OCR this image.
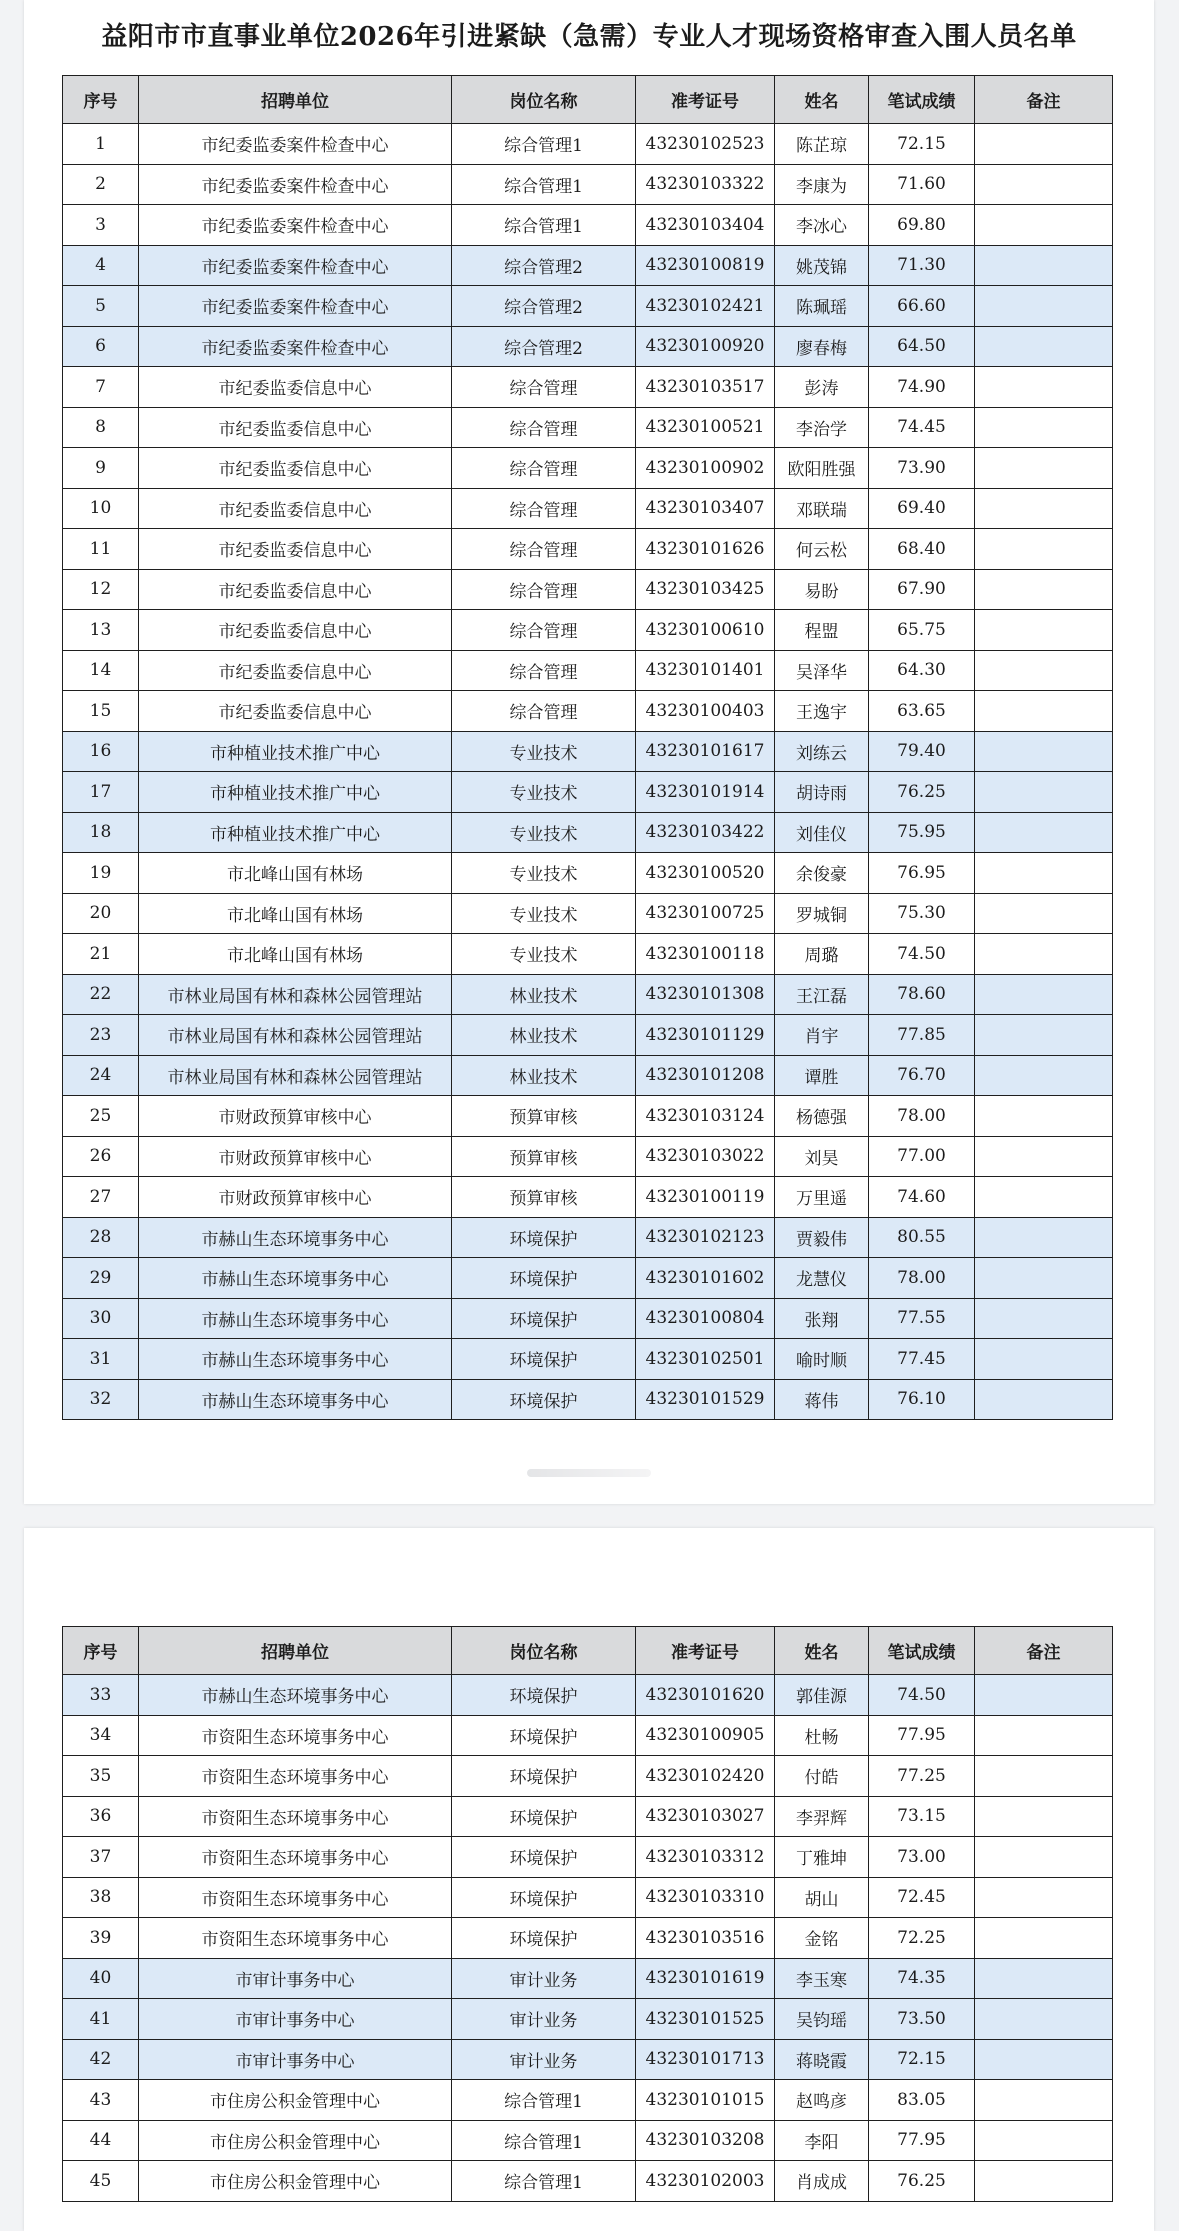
益阳市市直事业单位2026年引进紧缺（急需）专业人才现场资格审查入围人员名单
序号	招聘单位	岗位名称	准考证号	姓名	笔试成绩	备注
1	市纪委监委案件检查中心	综合管理1	43230102523	陈芷琼	72.15	
2	市纪委监委案件检查中心	综合管理1	43230103322	李康为	71.60	
3	市纪委监委案件检查中心	综合管理1	43230103404	李冰心	69.80	
4	市纪委监委案件检查中心	综合管理2	43230100819	姚茂锦	71.30	
5	市纪委监委案件检查中心	综合管理2	43230102421	陈珮瑶	66.60	
6	市纪委监委案件检查中心	综合管理2	43230100920	廖春梅	64.50	
7	市纪委监委信息中心	综合管理	43230103517	彭涛	74.90	
8	市纪委监委信息中心	综合管理	43230100521	李治学	74.45	
9	市纪委监委信息中心	综合管理	43230100902	欧阳胜强	73.90	
10	市纪委监委信息中心	综合管理	43230103407	邓联瑞	69.40	
11	市纪委监委信息中心	综合管理	43230101626	何云松	68.40	
12	市纪委监委信息中心	综合管理	43230103425	易盼	67.90	
13	市纪委监委信息中心	综合管理	43230100610	程盟	65.75	
14	市纪委监委信息中心	综合管理	43230101401	吴泽华	64.30	
15	市纪委监委信息中心	综合管理	43230100403	王逸宇	63.65	
16	市种植业技术推广中心	专业技术	43230101617	刘练云	79.40	
17	市种植业技术推广中心	专业技术	43230101914	胡诗雨	76.25	
18	市种植业技术推广中心	专业技术	43230103422	刘佳仪	75.95	
19	市北峰山国有林场	专业技术	43230100520	余俊豪	76.95	
20	市北峰山国有林场	专业技术	43230100725	罗城铜	75.30	
21	市北峰山国有林场	专业技术	43230100118	周璐	74.50	
22	市林业局国有林和森林公园管理站	林业技术	43230101308	王江磊	78.60	
23	市林业局国有林和森林公园管理站	林业技术	43230101129	肖宇	77.85	
24	市林业局国有林和森林公园管理站	林业技术	43230101208	谭胜	76.70	
25	市财政预算审核中心	预算审核	43230103124	杨德强	78.00	
26	市财政预算审核中心	预算审核	43230103022	刘昊	77.00	
27	市财政预算审核中心	预算审核	43230100119	万里遥	74.60	
28	市赫山生态环境事务中心	环境保护	43230102123	贾毅伟	80.55	
29	市赫山生态环境事务中心	环境保护	43230101602	龙慧仪	78.00	
30	市赫山生态环境事务中心	环境保护	43230100804	张翔	77.55	
31	市赫山生态环境事务中心	环境保护	43230102501	喻时顺	77.45	
32	市赫山生态环境事务中心	环境保护	43230101529	蒋伟	76.10	
序号	招聘单位	岗位名称	准考证号	姓名	笔试成绩	备注
33	市赫山生态环境事务中心	环境保护	43230101620	郭佳源	74.50	
34	市资阳生态环境事务中心	环境保护	43230100905	杜畅	77.95	
35	市资阳生态环境事务中心	环境保护	43230102420	付皓	77.25	
36	市资阳生态环境事务中心	环境保护	43230103027	李羿辉	73.15	
37	市资阳生态环境事务中心	环境保护	43230103312	丁雅坤	73.00	
38	市资阳生态环境事务中心	环境保护	43230103310	胡山	72.45	
39	市资阳生态环境事务中心	环境保护	43230103516	金铭	72.25	
40	市审计事务中心	审计业务	43230101619	李玉寒	74.35	
41	市审计事务中心	审计业务	43230101525	吴钧瑶	73.50	
42	市审计事务中心	审计业务	43230101713	蒋晓霞	72.15	
43	市住房公积金管理中心	综合管理1	43230101015	赵鸣彦	83.05	
44	市住房公积金管理中心	综合管理1	43230103208	李阳	77.95	
45	市住房公积金管理中心	综合管理1	43230102003	肖成成	76.25	
